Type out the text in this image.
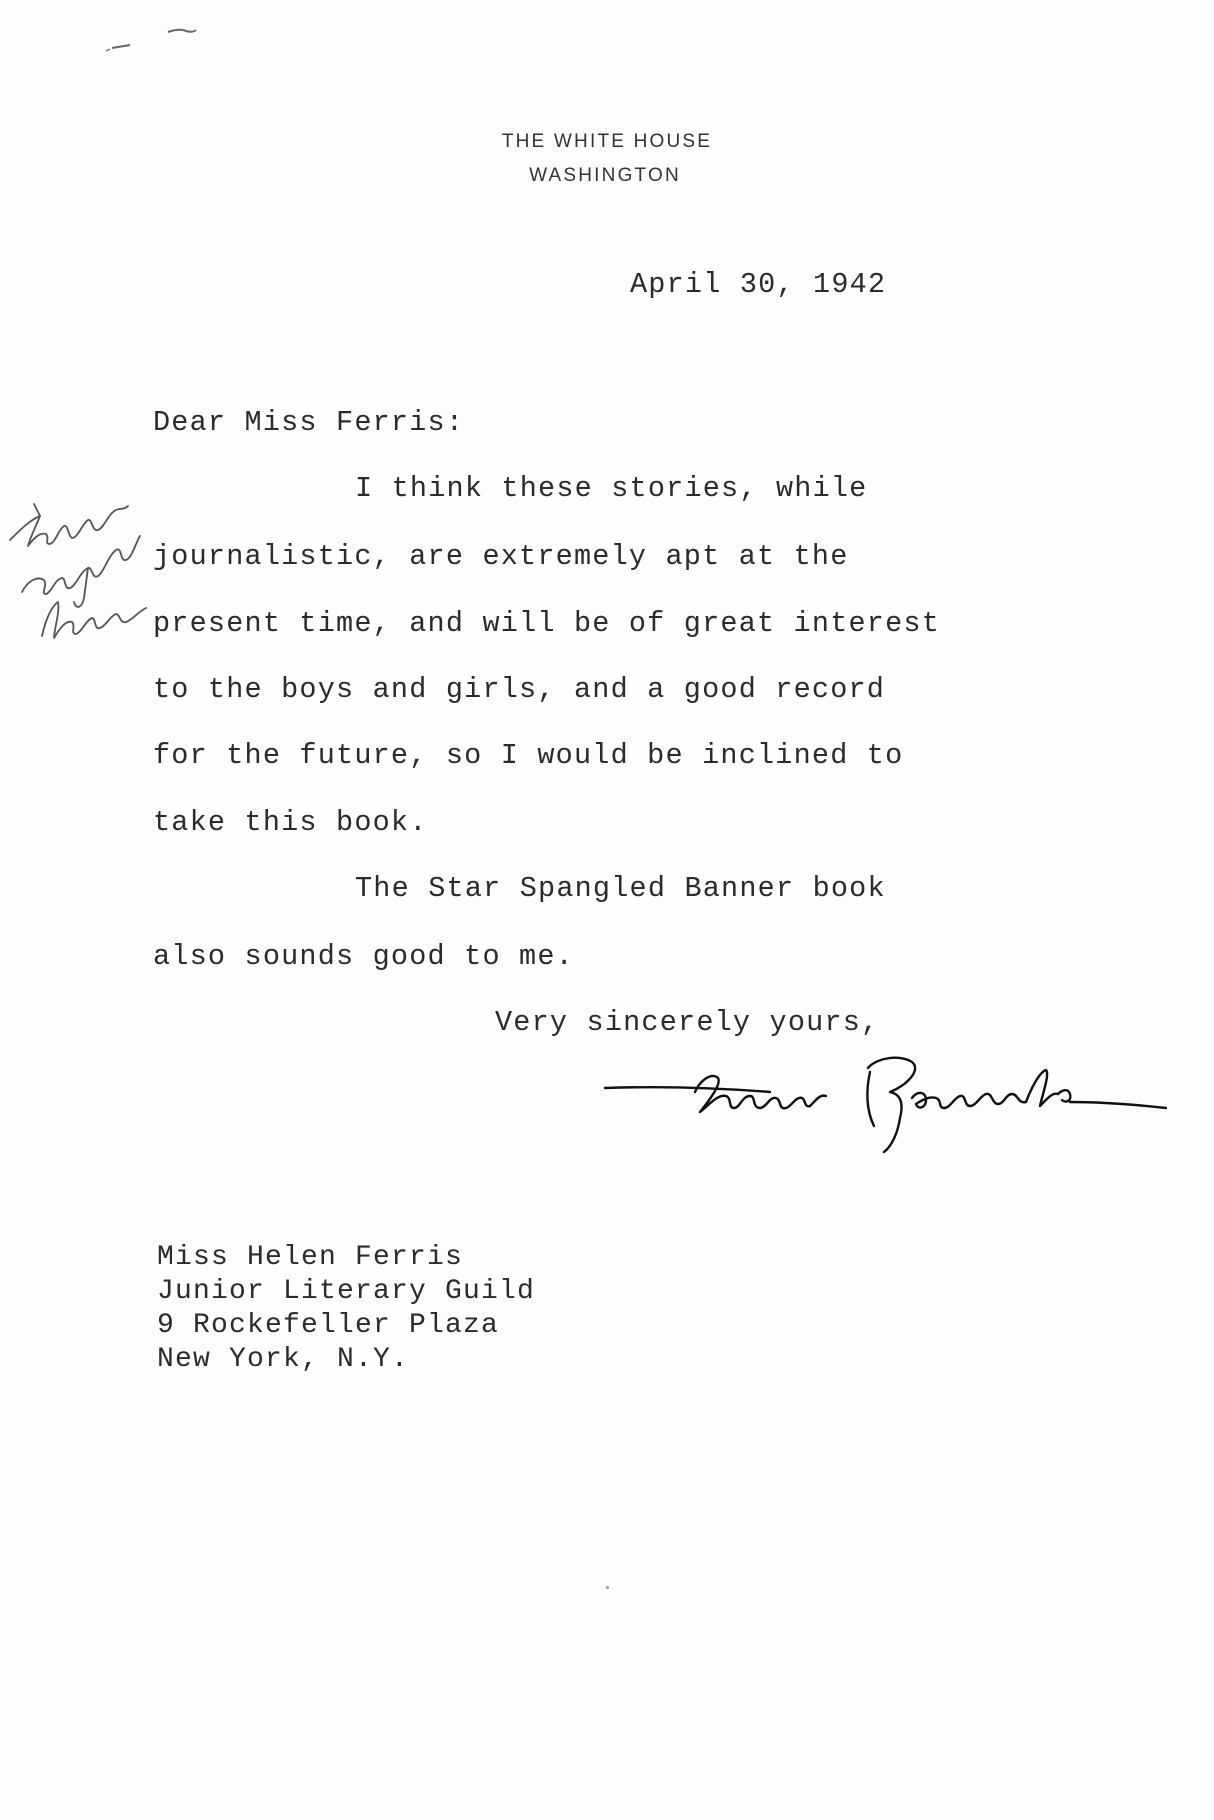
THE WHITE HOUSE
WASHINGTON
April 30, 1942
Dear Miss Ferris:
I think these stories, while
journalistic, are extremely apt at the
present time, and will be of great interest
to the boys and girls, and a good record
for the future, so I would be inclined to
take this book.
The Star Spangled Banner book
also sounds good to me.
Very sincerely yours,
Miss Helen Ferris
Junior Literary Guild
9 Rockefeller Plaza
New York, N.Y.
